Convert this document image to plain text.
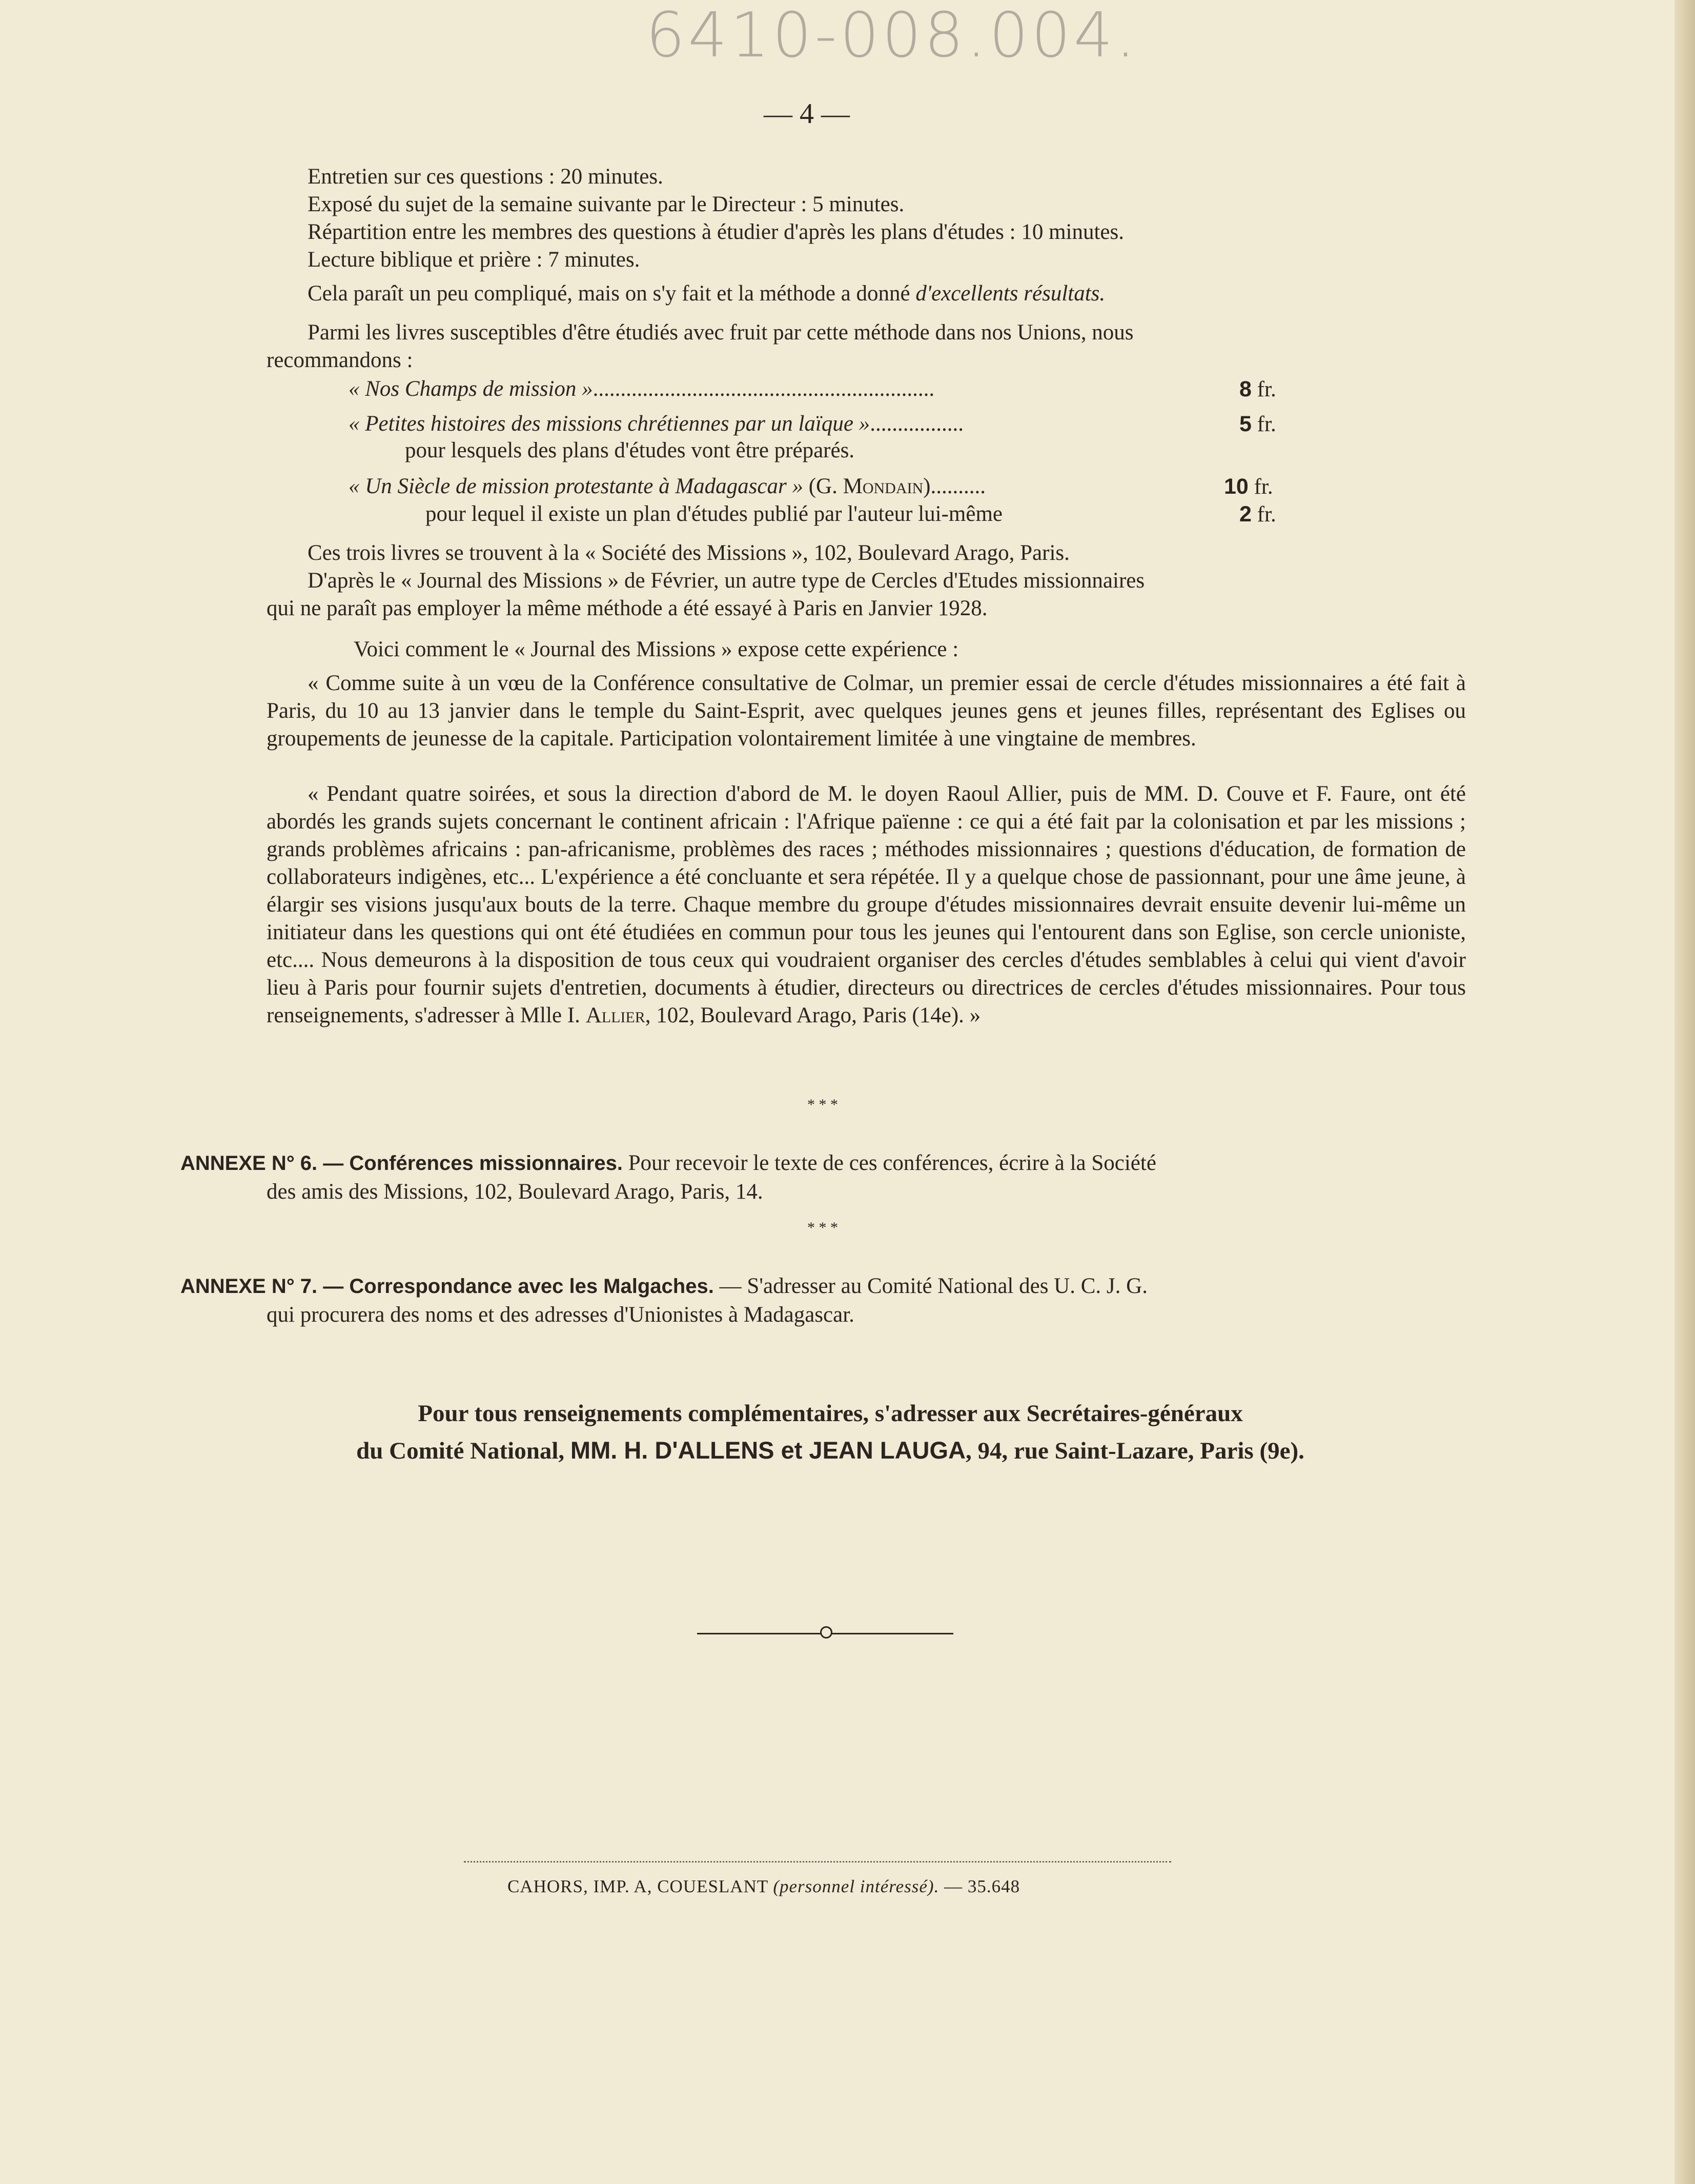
6410-008.004.
— 4 —
Entretien sur ces questions : 20 minutes.
Exposé du sujet de la semaine suivante par le Directeur : 5 minutes.
Répartition entre les membres des questions à étudier d'après les plans d'études : 10 minutes.
Lecture biblique et prière : 7 minutes.
Cela paraît un peu compliqué, mais on s'y fait et la méthode a donné d'excellents résultats.
Parmi les livres susceptibles d'être étudiés avec fruit par cette méthode dans nos Unions, nous
recommandons :
« Nos Champs de mission »..............................................................	8 fr.
« Petites histoires des missions chrétiennes par un laïque ».................	5 fr.
pour lesquels des plans d'études vont être préparés.
« Un Siècle de mission protestante à Madagascar » (G. Mondain)..........	10 fr.
pour lequel il existe un plan d'études publié par l'auteur lui-même	2 fr.
Ces trois livres se trouvent à la « Société des Missions », 102, Boulevard Arago, Paris.
D'après le « Journal des Missions » de Février, un autre type de Cercles d'Etudes missionnaires
qui ne paraît pas employer la même méthode a été essayé à Paris en Janvier 1928.
Voici comment le « Journal des Missions » expose cette expérience :
« Comme suite à un vœu de la Conférence consultative de Colmar, un premier essai de cercle d'études missionnaires a été fait à Paris, du 10 au 13 janvier dans le temple du Saint-Esprit, avec quelques jeunes gens et jeunes filles, représentant des Eglises ou groupements de jeunesse de la capitale. Participation volontairement limitée à une vingtaine de membres.
« Pendant quatre soirées, et sous la direction d'abord de M. le doyen Raoul Allier, puis de MM. D. Couve et F. Faure, ont été abordés les grands sujets concernant le continent africain : l'Afrique païenne : ce qui a été fait par la colonisation et par les missions ; grands problèmes africains : pan-africanisme, problèmes des races ; méthodes missionnaires ; questions d'éducation, de formation de collaborateurs indigènes, etc... L'expérience a été concluante et sera répétée. Il y a quelque chose de passionnant, pour une âme jeune, à élargir ses visions jusqu'aux bouts de la terre. Chaque membre du groupe d'études missionnaires devrait ensuite devenir lui-même un initiateur dans les questions qui ont été étudiées en commun pour tous les jeunes qui l'entourent dans son Eglise, son cercle unioniste, etc.... Nous demeurons à la disposition de tous ceux qui voudraient organiser des cercles d'études semblables à celui qui vient d'avoir lieu à Paris pour fournir sujets d'entretien, documents à étudier, directeurs ou directrices de cercles d'études missionnaires. Pour tous renseignements, s'adresser à Mlle I. Allier, 102, Boulevard Arago, Paris (14e). »
* * *
ANNEXE N° 6. — Conférences missionnaires. Pour recevoir le texte de ces conférences, écrire à la Société
des amis des Missions, 102, Boulevard Arago, Paris, 14.
* * *
ANNEXE N° 7. — Correspondance avec les Malgaches. — S'adresser au Comité National des U. C. J. G.
qui procurera des noms et des adresses d'Unionistes à Madagascar.
Pour tous renseignements complémentaires, s'adresser aux Secrétaires-généraux
du Comité National, MM. H. D'ALLENS et JEAN LAUGA, 94, rue Saint-Lazare, Paris (9e).
CAHORS, IMP. A, COUESLANT (personnel intéressé). — 35.648
